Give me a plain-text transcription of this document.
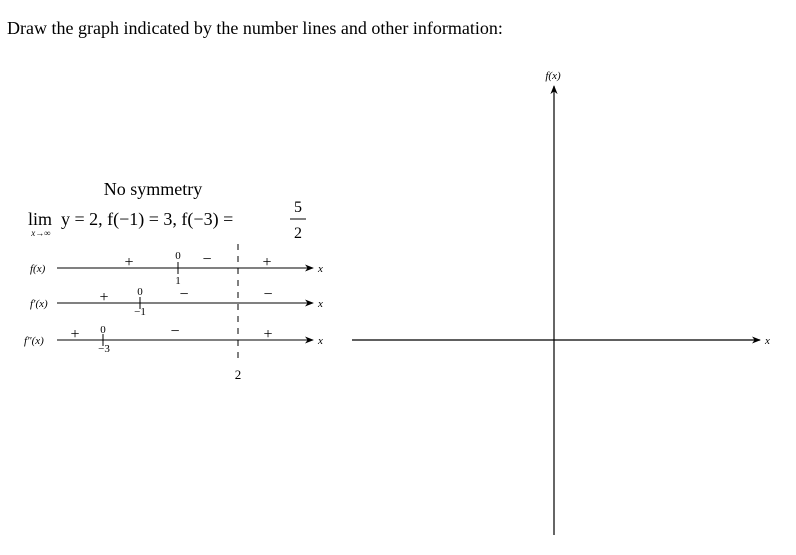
Draw the graph indicated by the number lines and other information:
No symmetry
lim
x→∞
y = 2, f(−1) = 3, f(−3) =
5
2
2
f(x)	x
+	−	+
0
1
f′(x)	x
+	−	−
0
−1
f″(x)	x
+	−	+
0
−3
x
f(x)
